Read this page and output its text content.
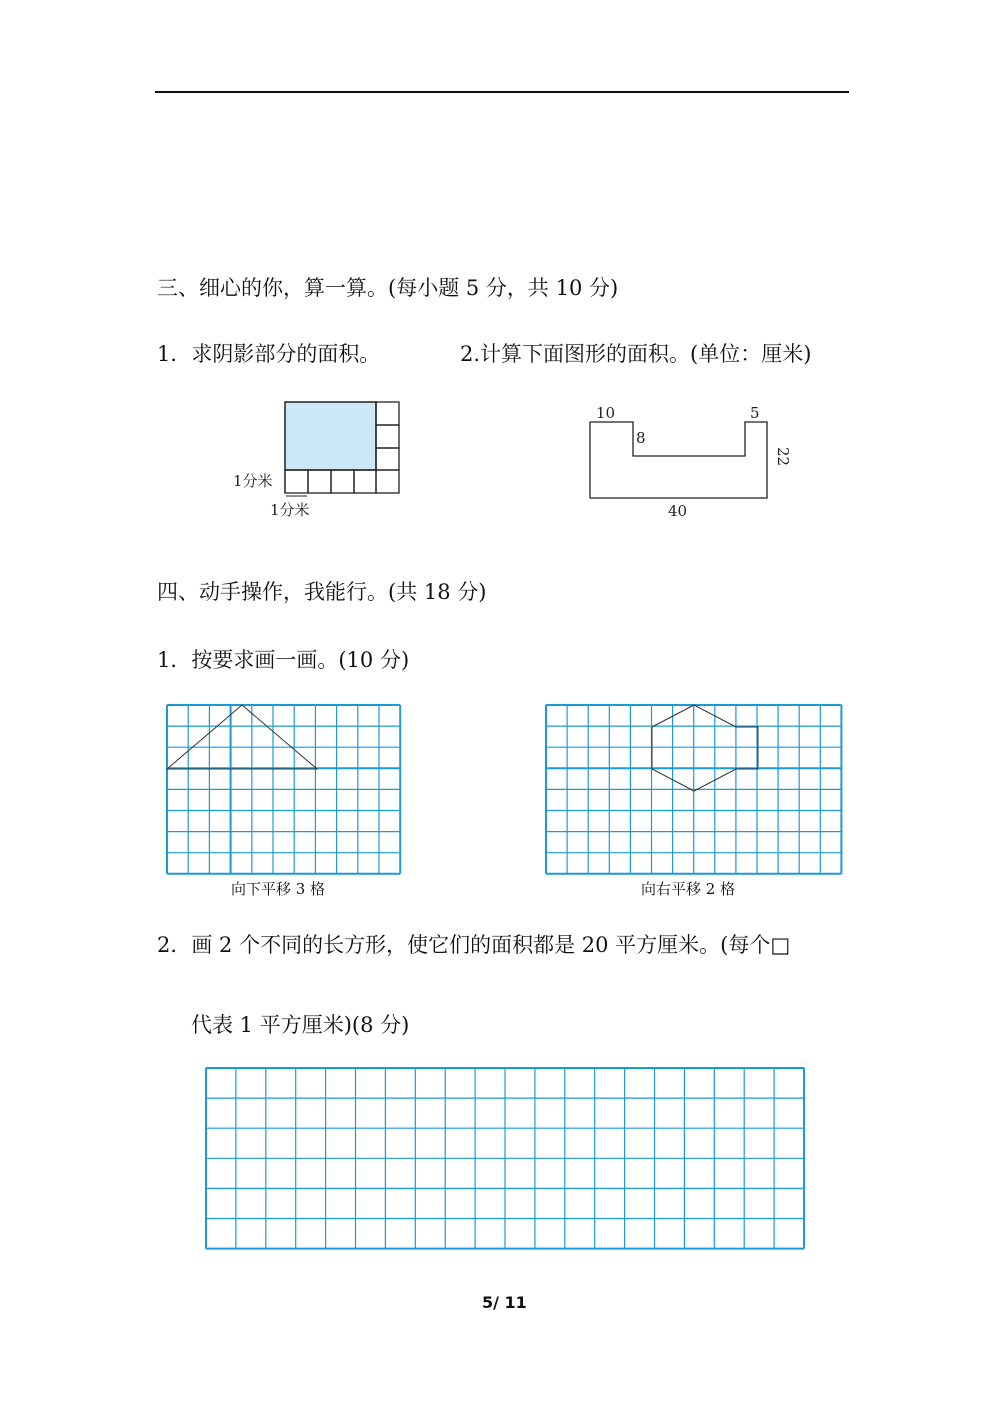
三、细心的你，算一算。(每小题 5 分，共 10 分)
1．求阴影部分的面积。	2.计算下面图形的面积。(单位：厘米)
1分米
1分米
10	5
8
22
40
四、动手操作，我能行。(共 18 分)
1．按要求画一画。(10 分)
向下平移 3 格	向右平移 2 格
2．画 2 个不同的长方形，使它们的面积都是 20 平方厘米。(每个□
代表 1 平方厘米)(8 分)
5/ 11
